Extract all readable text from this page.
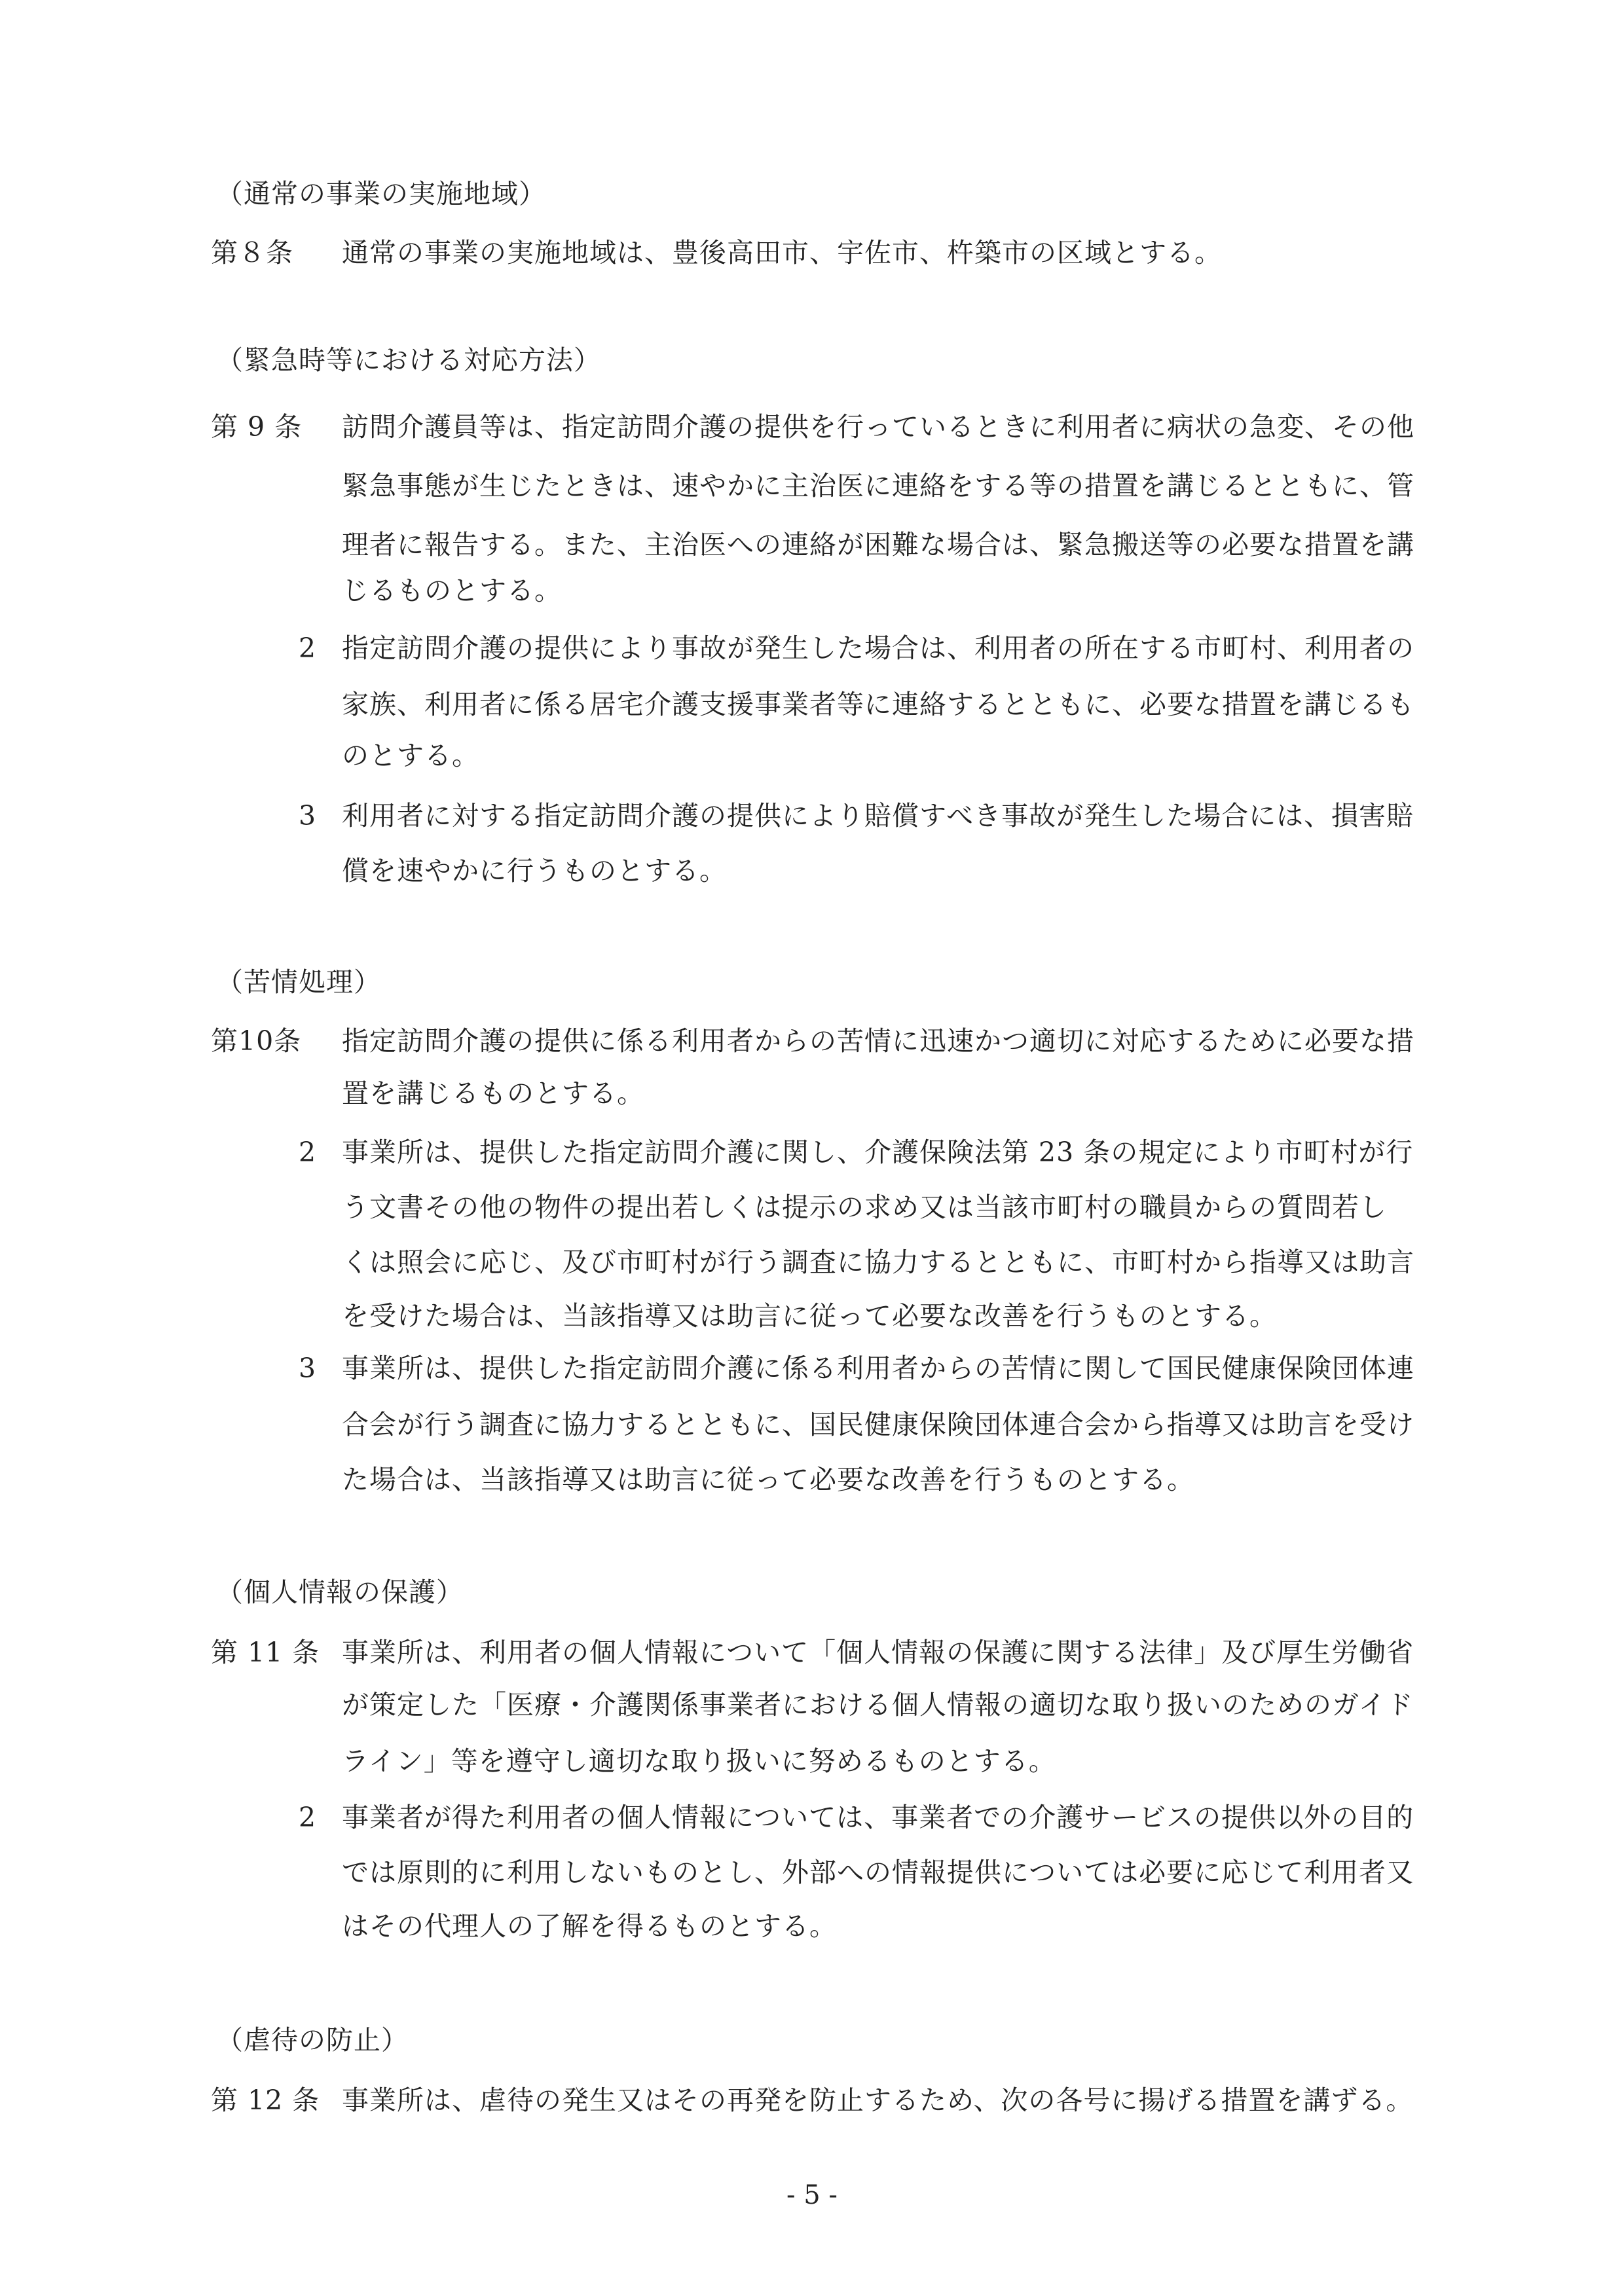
（通常の事業の実施地域）
第８条 通常の事業の実施地域は、豊後高田市、宇佐市、杵築市の区域とする。
（緊急時等における対応方法）
第 9 条 訪問介護員等は、指定訪問介護の提供を行っているときに利用者に病状の急変、その他
緊急事態が生じたときは、速やかに主治医に連絡をする等の措置を講じるとともに、管
理者に報告する。また、主治医への連絡が困難な場合は、緊急搬送等の必要な措置を講
じるものとする。
2 指定訪問介護の提供により事故が発生した場合は、利用者の所在する市町村、利用者の
家族、利用者に係る居宅介護支援事業者等に連絡するとともに、必要な措置を講じるも
のとする。
3 利用者に対する指定訪問介護の提供により賠償すべき事故が発生した場合には、損害賠
償を速やかに行うものとする。
（苦情処理）
第10条 指定訪問介護の提供に係る利用者からの苦情に迅速かつ適切に対応するために必要な措
置を講じるものとする。
2 事業所は、提供した指定訪問介護に関し、介護保険法第 23 条の規定により市町村が行
う文書その他の物件の提出若しくは提示の求め又は当該市町村の職員からの質問若し
くは照会に応じ、及び市町村が行う調査に協力するとともに、市町村から指導又は助言
を受けた場合は、当該指導又は助言に従って必要な改善を行うものとする。
3 事業所は、提供した指定訪問介護に係る利用者からの苦情に関して国民健康保険団体連
合会が行う調査に協力するとともに、国民健康保険団体連合会から指導又は助言を受け
た場合は、当該指導又は助言に従って必要な改善を行うものとする。
（個人情報の保護）
第 11 条 事業所は、利用者の個人情報について「個人情報の保護に関する法律」及び厚生労働省
が策定した「医療・介護関係事業者における個人情報の適切な取り扱いのためのガイド
ライン」等を遵守し適切な取り扱いに努めるものとする。
2 事業者が得た利用者の個人情報については、事業者での介護サービスの提供以外の目的
では原則的に利用しないものとし、外部への情報提供については必要に応じて利用者又
はその代理人の了解を得るものとする。
（虐待の防止）
第 12 条 事業所は、虐待の発生又はその再発を防止するため、次の各号に揚げる措置を講ずる。
- 5 -
